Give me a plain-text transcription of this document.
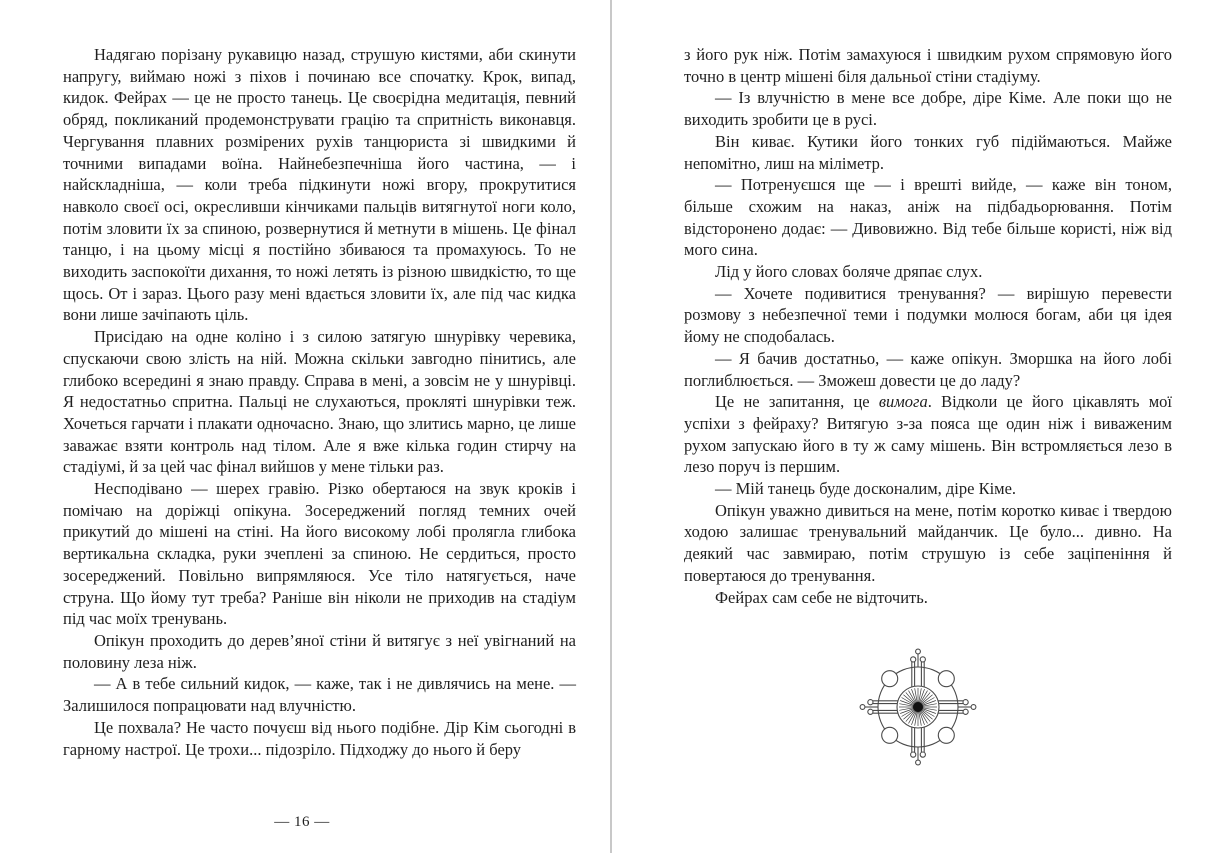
Надягаю порізану рукавицю назад, струшую кистями, аби скинути напругу, виймаю ножі з піхов і починаю все спочатку. Крок, випад, кидок. Фейрах — це не просто танець. Це своєрідна медитація, певний обряд, покликаний продемонструвати грацію та спритність виконавця. Чергування плавних розмірених рухів танцюриста зі швидкими й точними випадами воїна. Найнебезпечніша його частина, — і найскладніша, — коли треба підкинути ножі вгору, прокрутитися навколо своєї осі, окресливши кінчиками пальців витягнутої ноги коло, потім зловити їх за спиною, розвернутися й метнути в мішень. Це фінал танцю, і на цьому місці я постійно збиваюся та промахуюсь. То не виходить заспокоїти дихання, то ножі летять із різною швидкістю, то ще щось. От і зараз. Цього разу мені вдається зловити їх, але під час кидка вони лише зачіпають ціль.

Присідаю на одне коліно і з силою затягую шнурівку черевика, спускаючи свою злість на ній. Можна скільки завгодно пінитись, але глибоко всередині я знаю правду. Справа в мені, а зовсім не у шнурівці. Я недостатньо спритна. Пальці не слухаються, прокляті шнурівки теж. Хочеться гарчати і плакати одночасно. Знаю, що злитись марно, це лише заважає взяти контроль над тілом. Але я вже кілька годин стирчу на стадіумі, й за цей час фінал вийшов у мене тільки раз.

Несподівано — шерех гравію. Різко обертаюся на звук кроків і помічаю на доріжці опікуна. Зосереджений погляд темних очей прикутий до мішені на стіні. На його високому лобі пролягла глибока вертикальна складка, руки зчеплені за спиною. Не сердиться, просто зосереджений. Повільно випрямляюся. Усе тіло натягується, наче струна. Що йому тут треба? Раніше він ніколи не приходив на стадіум під час моїх тренувань.

Опікун проходить до дерев’яної стіни й витягує з неї увігнаний на половину леза ніж.

— А в тебе сильний кидок, — каже, так і не дивлячись на мене. — Залишилося попрацювати над влучністю.

Це похвала? Не часто почуєш від нього подібне. Дір Кім сьогодні в гарному настрої. Це трохи... підозріло. Підходжу до нього й беру

з його рук ніж. Потім замахуюся і швидким рухом спрямовую його точно в центр мішені біля дальньої стіни стадіуму.

— Із влучністю в мене все добре, діре Кіме. Але поки що не виходить зробити це в русі.

Він киває. Кутики його тонких губ підіймаються. Майже непомітно, лиш на міліметр.

— Потренуєшся ще — і врешті вийде, — каже він тоном, більше схожим на наказ, аніж на підбадьорювання. Потім відсторонено додає: — Дивовижно. Від тебе більше користі, ніж від мого сина.

Лід у його словах боляче дряпає слух.

— Хочете подивитися тренування? — вирішую перевести розмову з небезпечної теми і подумки молюся богам, аби ця ідея йому не сподобалась.

— Я бачив достатньо, — каже опікун. Зморшка на його лобі поглиблюється. — Зможеш довести це до ладу?

Це не запитання, це вимога. Відколи це його цікавлять мої успіхи з фейраху? Витягую з-за пояса ще один ніж і виваженим рухом запускаю його в ту ж саму мішень. Він встромляється лезо в лезо поруч із першим.

— Мій танець буде досконалим, діре Кіме.

Опікун уважно дивиться на мене, потім коротко киває і твердою ходою залишає тренувальний майданчик. Це було... дивно. На деякий час завмираю, потім струшую із себе заціпеніння й повертаюся до тренування.

Фейрах сам себе не відточить.

— 16 —
